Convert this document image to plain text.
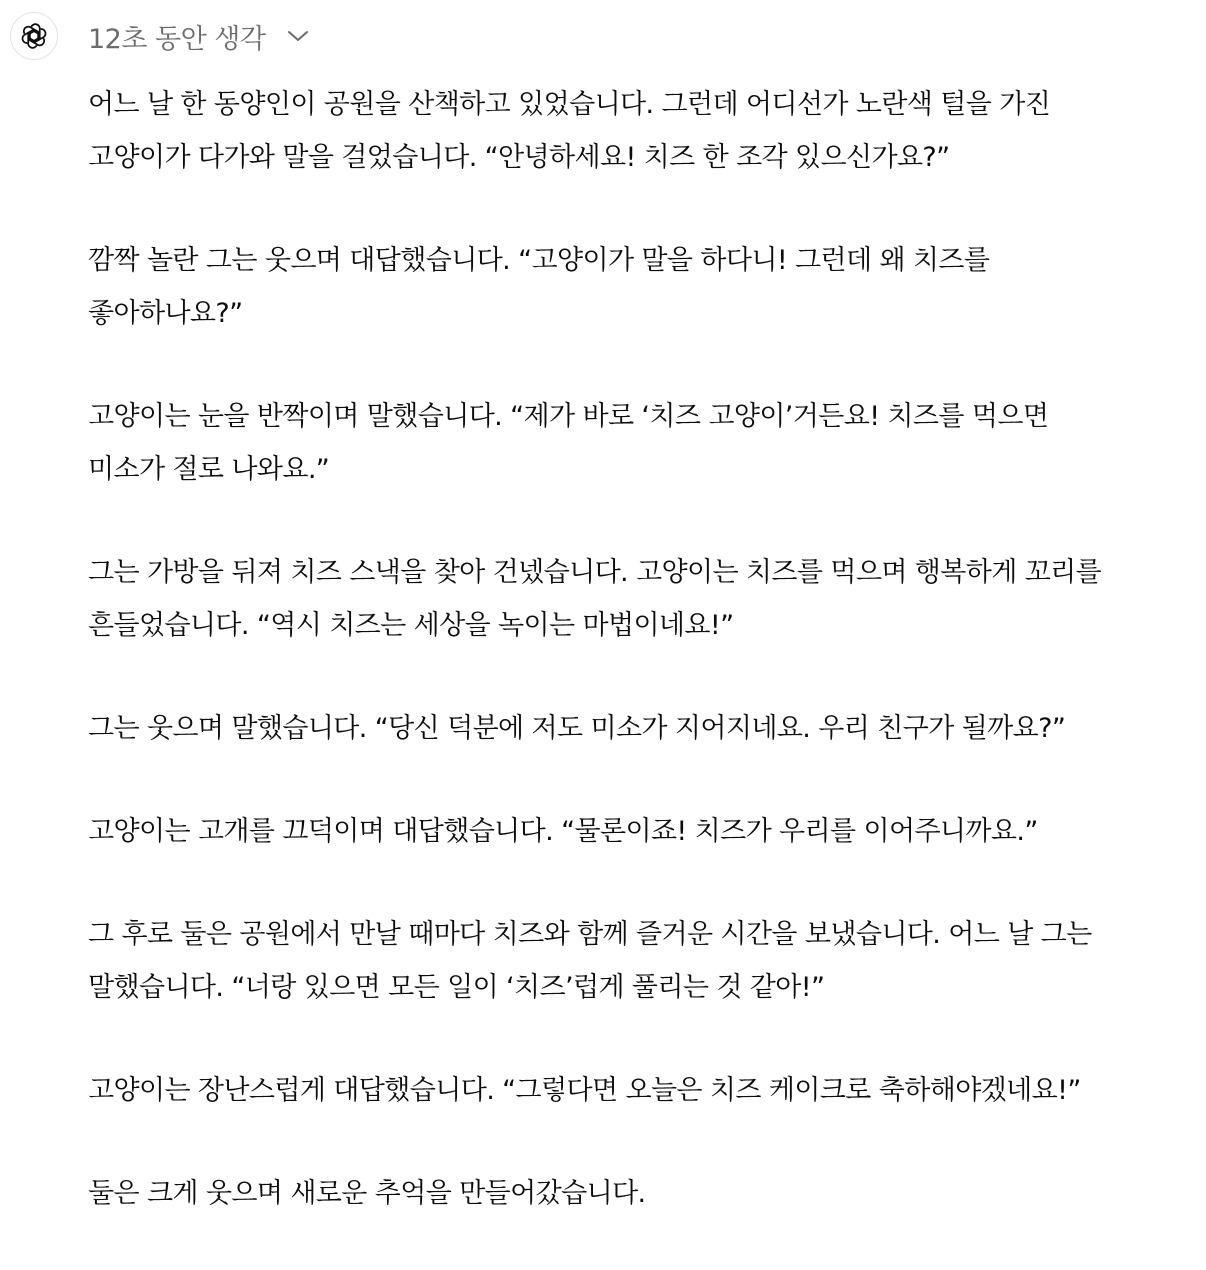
12초 동안 생각

어느 날 한 동양인이 공원을 산책하고 있었습니다. 그런데 어디선가 노란색 털을 가진
고양이가 다가와 말을 걸었습니다. “안녕하세요! 치즈 한 조각 있으신가요?”

깜짝 놀란 그는 웃으며 대답했습니다. “고양이가 말을 하다니! 그런데 왜 치즈를
좋아하나요?”

고양이는 눈을 반짝이며 말했습니다. “제가 바로 ‘치즈 고양이’거든요! 치즈를 먹으면
미소가 절로 나와요.”

그는 가방을 뒤져 치즈 스낵을 찾아 건넸습니다. 고양이는 치즈를 먹으며 행복하게 꼬리를
흔들었습니다. “역시 치즈는 세상을 녹이는 마법이네요!”

그는 웃으며 말했습니다. “당신 덕분에 저도 미소가 지어지네요. 우리 친구가 될까요?”

고양이는 고개를 끄덕이며 대답했습니다. “물론이죠! 치즈가 우리를 이어주니까요.”

그 후로 둘은 공원에서 만날 때마다 치즈와 함께 즐거운 시간을 보냈습니다. 어느 날 그는
말했습니다. “너랑 있으면 모든 일이 ‘치즈’럽게 풀리는 것 같아!”

고양이는 장난스럽게 대답했습니다. “그렇다면 오늘은 치즈 케이크로 축하해야겠네요!”

둘은 크게 웃으며 새로운 추억을 만들어갔습니다.
